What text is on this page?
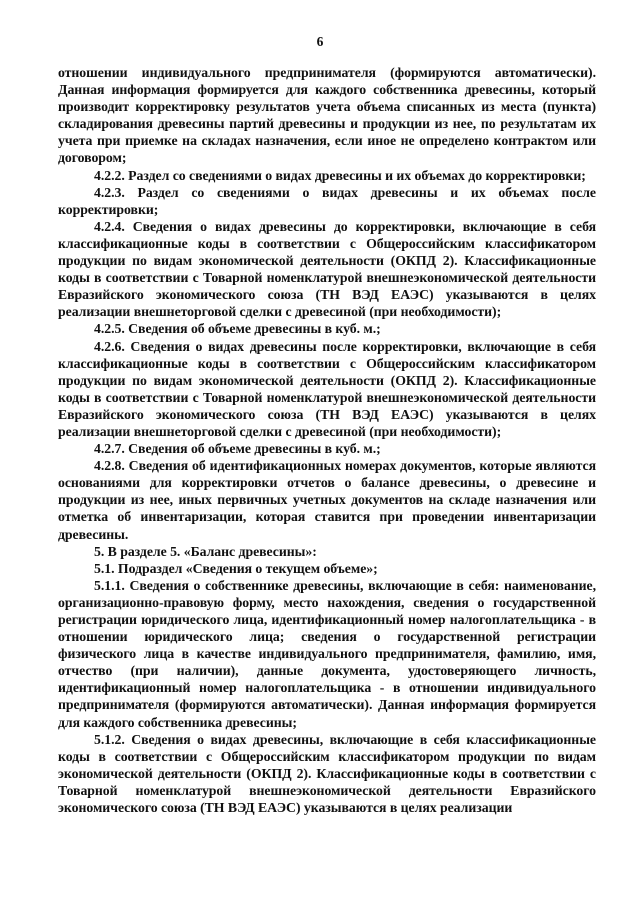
6

отношении индивидуального предпринимателя (формируются автоматически). Данная информация формируется для каждого собственника древесины, который производит корректировку результатов учета объема списанных из места (пункта) складирования древесины партий древесины и продукции из нее, по результатам их учета при приемке на складах назначения, если иное не определено контрактом или договором;

4.2.2. Раздел со сведениями о видах древесины и их объемах до корректировки;

4.2.3. Раздел со сведениями о видах древесины и их объемах после корректировки;

4.2.4. Сведения о видах древесины до корректировки, включающие в себя классификационные коды в соответствии с Общероссийским классификатором продукции по видам экономической деятельности (ОКПД 2). Классификационные коды в соответствии с Товарной номенклатурой внешнеэкономической деятельности Евразийского экономического союза (ТН ВЭД ЕАЭС) указываются в целях реализации внешнеторговой сделки с древесиной (при необходимости);

4.2.5. Сведения об объеме древесины в куб. м.;

4.2.6. Сведения о видах древесины после корректировки, включающие в себя классификационные коды в соответствии с Общероссийским классификатором продукции по видам экономической деятельности (ОКПД 2). Классификационные коды в соответствии с Товарной номенклатурой внешнеэкономической деятельности Евразийского экономического союза (ТН ВЭД ЕАЭС) указываются в целях реализации внешнеторговой сделки с древесиной (при необходимости);

4.2.7. Сведения об объеме древесины в куб. м.;

4.2.8. Сведения об идентификационных номерах документов, которые являются основаниями для корректировки отчетов о балансе древесины, о древесине и продукции из нее, иных первичных учетных документов на складе назначения или отметка об инвентаризации, которая ставится при проведении инвентаризации древесины.

5. В разделе 5. «Баланс древесины»:

5.1. Подраздел «Сведения о текущем объеме»;

5.1.1. Сведения о собственнике древесины, включающие в себя: наименование, организационно-правовую форму, место нахождения, сведения о государственной регистрации юридического лица, идентификационный номер налогоплательщика - в отношении юридического лица; сведения о государственной регистрации физического лица в качестве индивидуального предпринимателя, фамилию, имя, отчество (при наличии), данные документа, удостоверяющего личность, идентификационный номер налогоплательщика - в отношении индивидуального предпринимателя (формируются автоматически). Данная информация формируется для каждого собственника древесины;

5.1.2. Сведения о видах древесины, включающие в себя классификационные коды в соответствии с Общероссийским классификатором продукции по видам экономической деятельности (ОКПД 2). Классификационные коды в соответствии с Товарной номенклатурой внешнеэкономической деятельности Евразийского экономического союза (ТН ВЭД ЕАЭС) указываются в целях реализации
